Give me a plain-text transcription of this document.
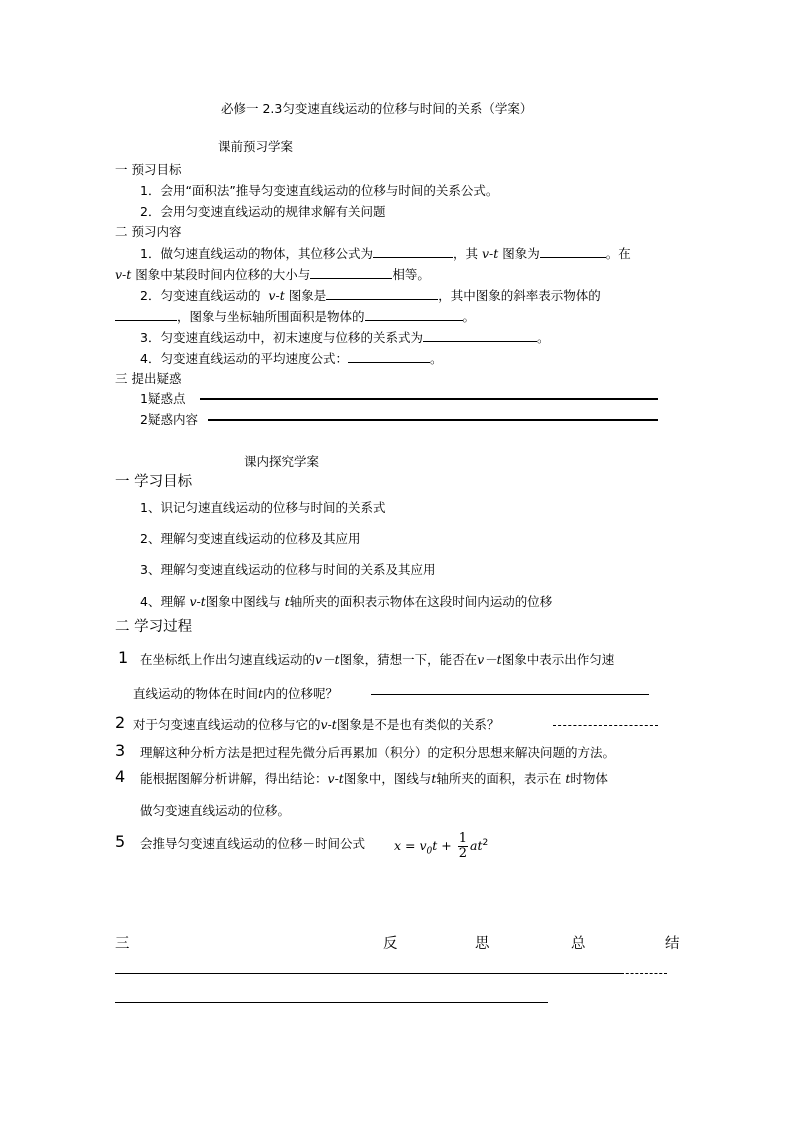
必修一 2.3匀变速直线运动的位移与时间的关系（学案）
课前预习学案
一 预习目标
1．会用“面积法”推导匀变速直线运动的位移与时间的关系公式。
2．会用匀变速直线运动的规律求解有关问题
二 预习内容
1．做匀速直线运动的物体，其位移公式为	，其 v-t 图象为	。在
v-t 图象中某段时间内位移的大小与	相等。
2．匀变速直线运动的 v-t 图象是	，其中图象的斜率表示物体的
，图象与坐标轴所围面积是物体的	。
3．匀变速直线运动中，初末速度与位移的关系式为	。
4．匀变速直线运动的平均速度公式：	。
三 提出疑惑
1疑惑点
2疑惑内容
课内探究学案
一 学习目标
1、识记匀速直线运动的位移与时间的关系式
2、理解匀变速直线运动的位移及其应用
3、理解匀变速直线运动的位移与时间的关系及其应用
4、理解 v-t图象中图线与 t轴所夹的面积表示物体在这段时间内运动的位移
二 学习过程
1 在坐标纸上作出匀速直线运动的v－t图象，猜想一下，能否在v－t图象中表示出作匀速
直线运动的物体在时间t内的位移呢？
2 对于匀变速直线运动的位移与它的v-t图象是不是也有类似的关系？
3 理解这种分析方法是把过程先微分后再累加（积分）的定积分思想来解决问题的方法。
4 能根据图解分析讲解，得出结论：v-t图象中，图线与t轴所夹的面积，表示在 t时物体
做匀变速直线运动的位移。
5 会推导匀变速直线运动的位移－时间公式 $x = v_0t + \frac{1}{2} at^2$
三	反	思	总	结
